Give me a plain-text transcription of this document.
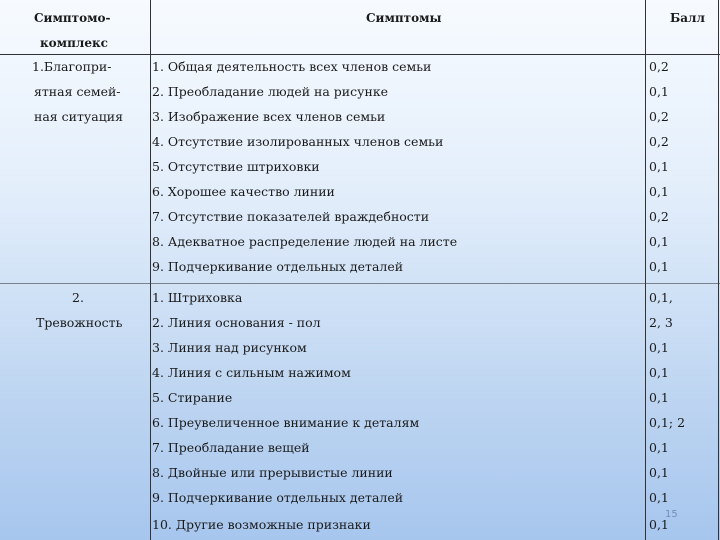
Симптомо-
комплекс
Симптомы	Балл
1.Благопри-
ятная семей-
ная ситуация
1. Общая деятельность всех членов семьи	0,2
2. Преобладание людей на рисунке	0,1
3. Изображение всех членов семьи	0,2
4. Отсутствие изолированных членов семьи	0,2
5. Отсутствие штриховки	0,1
6. Хорошее качество линии	0,1
7. Отсутствие показателей враждебности	0,2
8. Адекватное распределение людей на листе	0,1
9. Подчеркивание отдельных деталей	0,1
2.
Тревожность
1. Штриховка	0,1,
2. Линия основания - пол	2, 3
3. Линия над рисунком	0,1
4. Линия с сильным нажимом	0,1
5. Стирание	0,1
6. Преувеличенное внимание к деталям	0,1; 2
7. Преобладание вещей	0,1
8. Двойные или прерывистые линии	0,1
9. Подчеркивание отдельных деталей	0,1
10. Другие возможные признаки	0,1
15
